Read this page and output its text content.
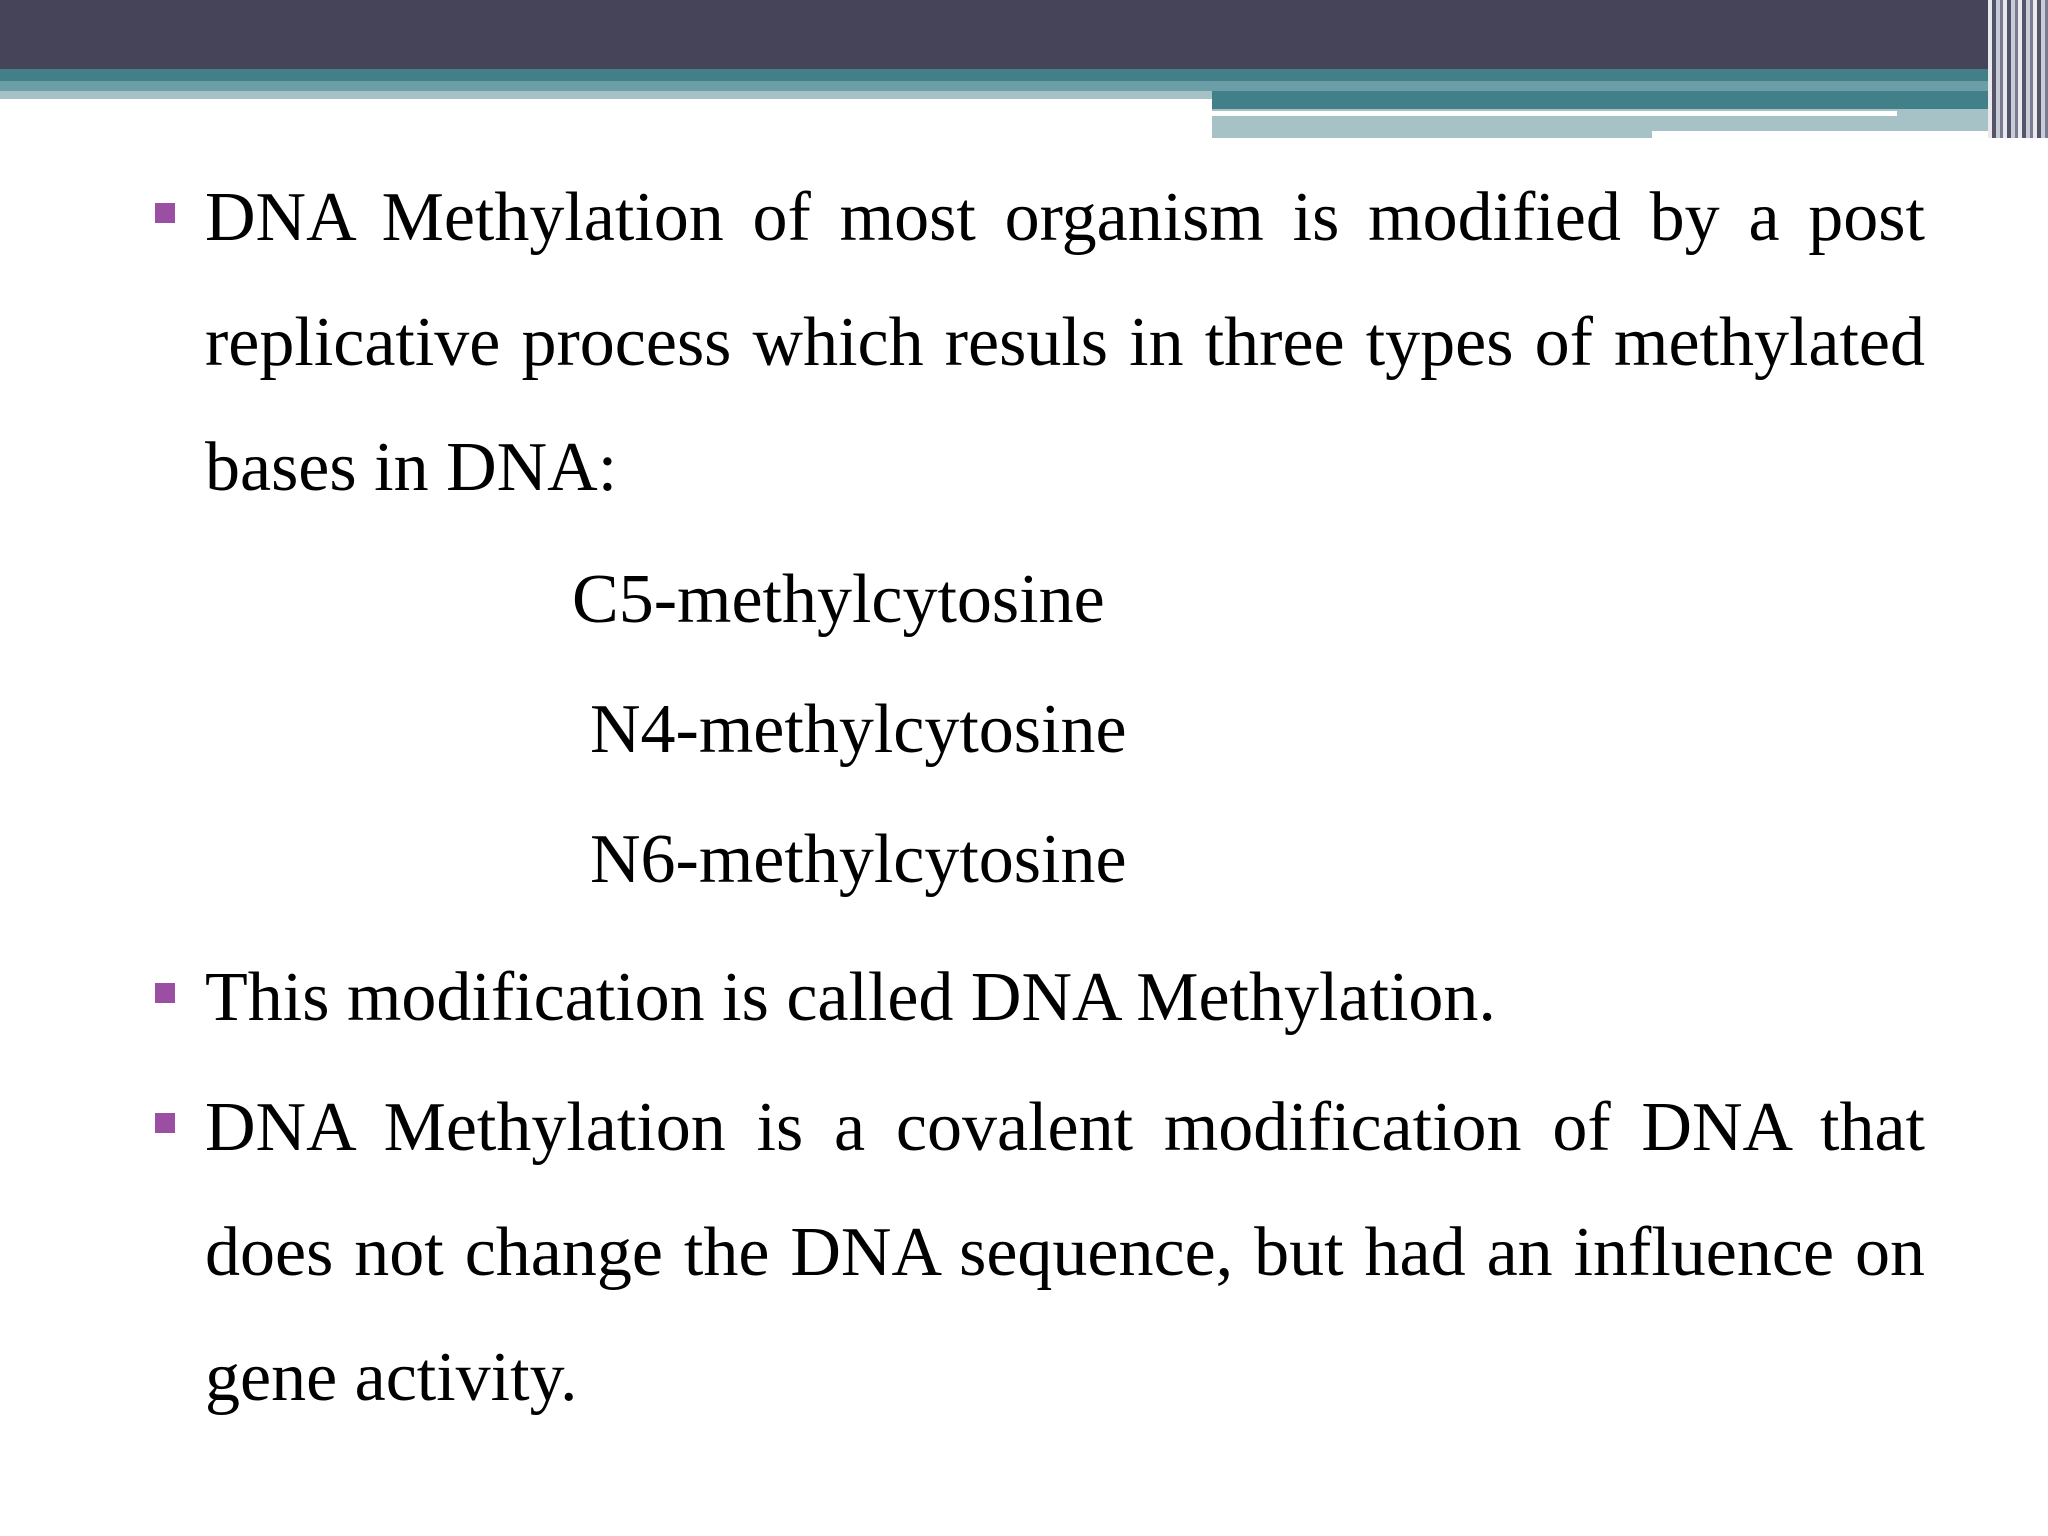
DNA Methylation of most organism is modified by a post replicative process which resuls in three types of methylated bases in DNA:

C5-methylcytosine

N4-methylcytosine

N6-methylcytosine

This modification is called DNA Methylation.

DNA Methylation is a covalent modification of DNA that does not change the DNA sequence, but had an influence on gene activity.
